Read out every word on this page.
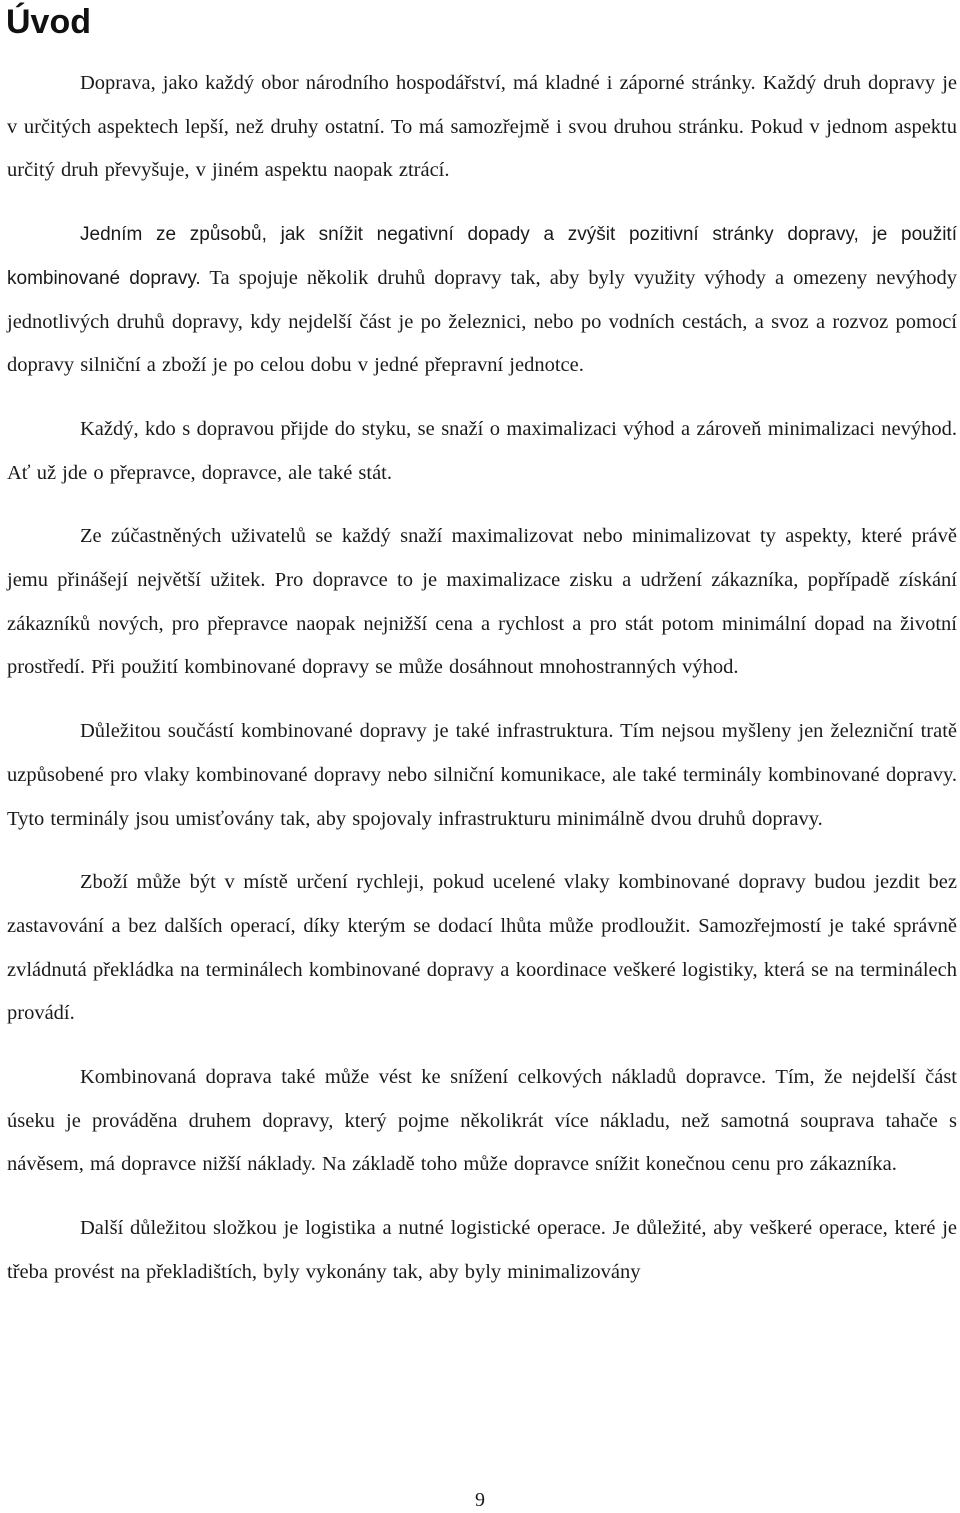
Úvod

Doprava, jako každý obor národního hospodářství, má kladné i záporné stránky. Každý druh dopravy je v určitých aspektech lepší, než druhy ostatní. To má samozřejmě i svou druhou stránku. Pokud v jednom aspektu určitý druh převyšuje, v jiném aspektu naopak ztrácí.

Jedním ze způsobů, jak snížit negativní dopady a zvýšit pozitivní stránky dopravy, je použití kombinované dopravy. Ta spojuje několik druhů dopravy tak, aby byly využity výhody a omezeny nevýhody jednotlivých druhů dopravy, kdy nejdelší část je po železnici, nebo po vodních cestách, a svoz a rozvoz pomocí dopravy silniční a zboží je po celou dobu v jedné přepravní jednotce.

Každý, kdo s dopravou přijde do styku, se snaží o maximalizaci výhod a zároveň minimalizaci nevýhod. Ať už jde o přepravce, dopravce, ale také stát.

Ze zúčastněných uživatelů se každý snaží maximalizovat nebo minimalizovat ty aspekty, které právě jemu přinášejí největší užitek. Pro dopravce to je maximalizace zisku a udržení zákazníka, popřípadě získání zákazníků nových, pro přepravce naopak nejnižší cena a rychlost a pro stát potom minimální dopad na životní prostředí. Při použití kombinované dopravy se může dosáhnout mnohostranných výhod.

Důležitou součástí kombinované dopravy je také infrastruktura. Tím nejsou myšleny jen železniční tratě uzpůsobené pro vlaky kombinované dopravy nebo silniční komunikace, ale také terminály kombinované dopravy. Tyto terminály jsou umisťovány tak, aby spojovaly infrastrukturu minimálně dvou druhů dopravy.

Zboží může být v místě určení rychleji, pokud ucelené vlaky kombinované dopravy budou jezdit bez zastavování a bez dalších operací, díky kterým se dodací lhůta může prodloužit. Samozřejmostí je také správně zvládnutá překládka na terminálech kombinované dopravy a koordinace veškeré logistiky, která se na terminálech provádí.

Kombinovaná doprava také může vést ke snížení celkových nákladů dopravce. Tím, že nejdelší část úseku je prováděna druhem dopravy, který pojme několikrát více nákladu, než samotná souprava tahače s návěsem, má dopravce nižší náklady. Na základě toho může dopravce snížit konečnou cenu pro zákazníka.

Další důležitou složkou je logistika a nutné logistické operace. Je důležité, aby veškeré operace, které je třeba provést na překladištích, byly vykonány tak, aby byly minimalizovány

9
